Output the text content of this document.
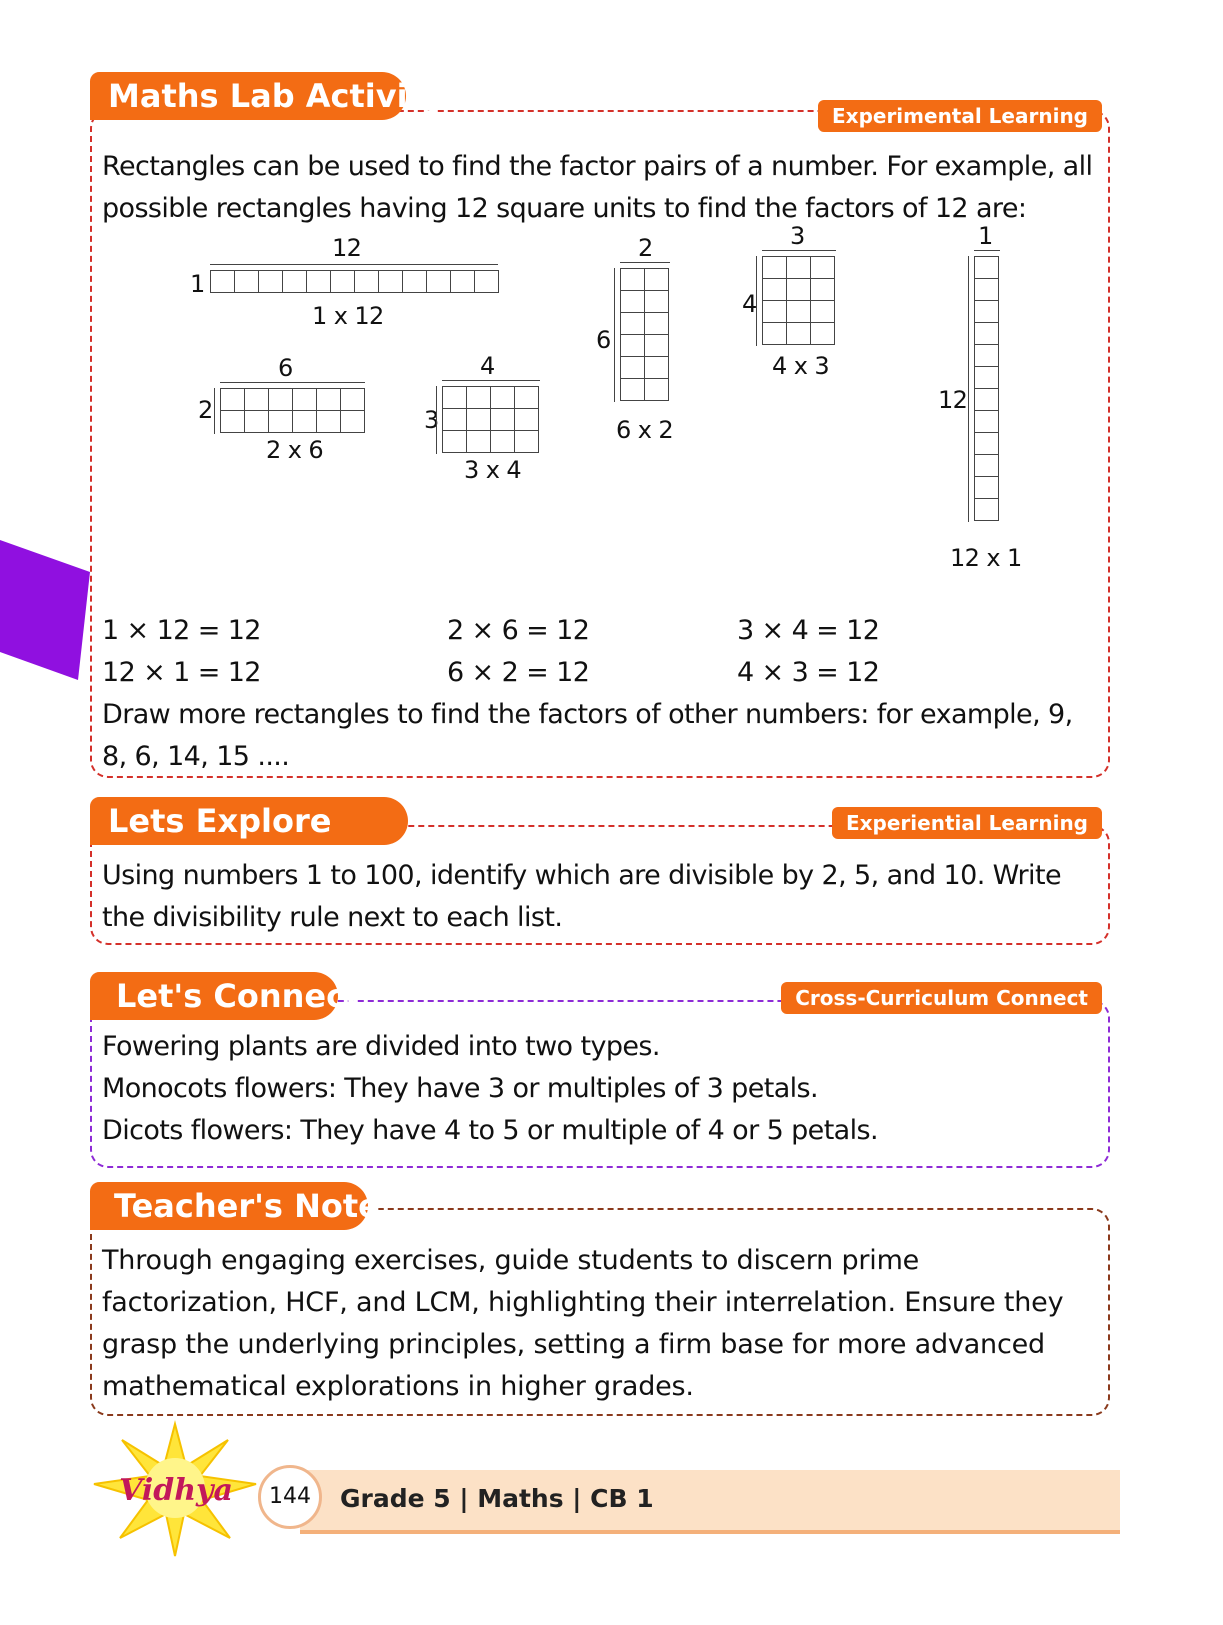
Maths Lab Activity
Experimental Learning

Rectangles can be used to find the factor pairs of a number. For example, all possible rectangles having 12 square units to find the factors of 12 are:

12
1

1 x 12
6
2

2 x 6
4
3

3 x 4
2
6

6 x 2
3
4

4 x 3
1
12

12 x 1
1 × 12 = 12	2 × 6 = 12	3 × 4 = 12
12 × 1 = 12	6 × 2 = 12	4 × 3 = 12

Draw more rectangles to find the factors of other numbers: for example, 9, 8, 6, 14, 15 ....

Lets Explore	Experiential Learning

Using numbers 1 to 100, identify which are divisible by 2, 5, and 10. Write the divisibility rule next to each list.

Let's Connect	Cross-Curriculum Connect

Fowering plants are divided into two types.

Monocots flowers: They have 3 or multiples of 3 petals.

Dicots flowers: They have 4 to 5 or multiple of 4 or 5 petals.

Teacher's Note

Through engaging exercises, guide students to discern prime factorization, HCF, and LCM, highlighting their interrelation. Ensure they grasp the underlying principles, setting a firm base for more advanced mathematical explorations in higher grades.

Vidhya	144	Grade 5 | Maths | CB 1
